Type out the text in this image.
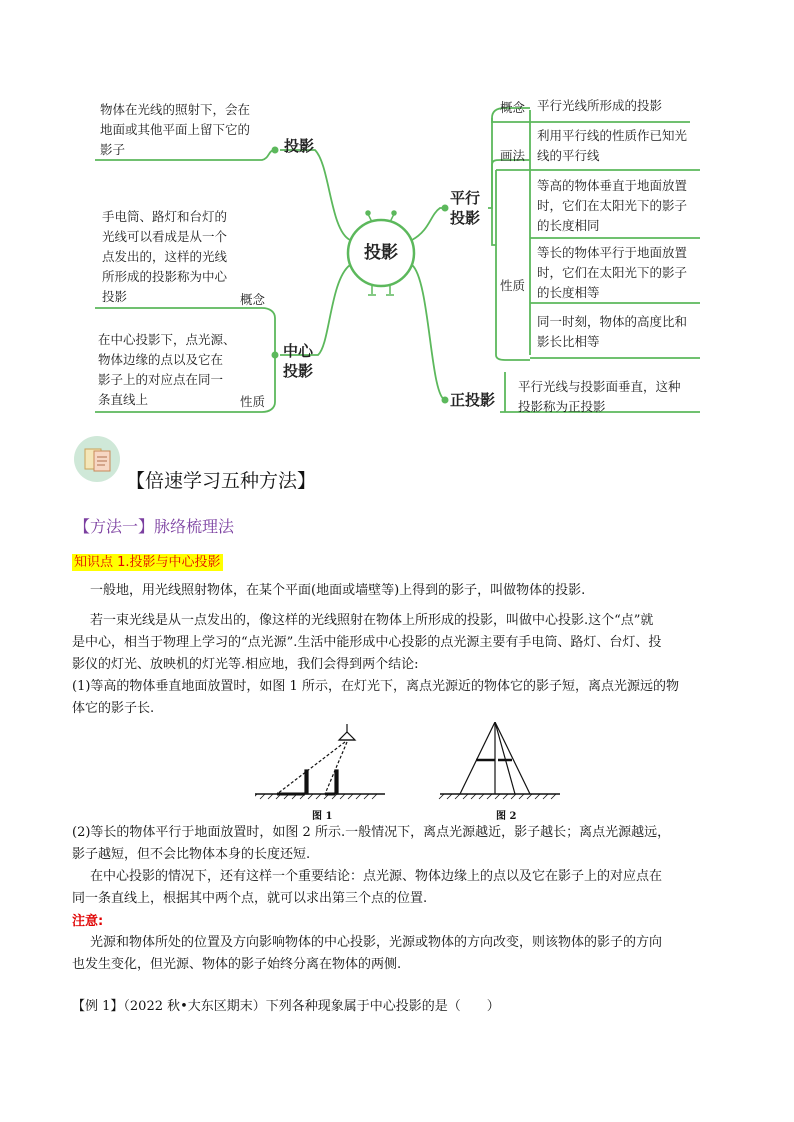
投影
物体在光线的照射下，会在
地面或其他平面上留下它的
影子	投影
手电筒、路灯和台灯的
光线可以看成是从一个
点发出的，这样的光线
所形成的投影称为中心
投影	概念
在中心投影下，点光源、
物体边缘的点以及它在
影子上的对应点在同一
条直线上	性质
中心
投影
平行
投影
概念 平行光线所形成的投影
画法
利用平行线的性质作已知光
线的平行线
性质
等高的物体垂直于地面放置
时，它们在太阳光下的影子
的长度相同
等长的物体平行于地面放置
时，它们在太阳光下的影子
的长度相等
同一时刻，物体的高度比和
影长比相等
正投影
平行光线与投影面垂直，这种
投影称为正投影
【倍速学习五种方法】
【方法一】脉络梳理法
知识点 1.投影与中心投影
一般地，用光线照射物体，在某个平面(地面或墙壁等)上得到的影子，叫做物体的投影.
若一束光线是从一点发出的，像这样的光线照射在物体上所形成的投影，叫做中心投影.这个“点”就
是中心，相当于物理上学习的“点光源”.生活中能形成中心投影的点光源主要有手电筒、路灯、台灯、投
影仪的灯光、放映机的灯光等.相应地，我们会得到两个结论:
(1)等高的物体垂直地面放置时，如图 1 所示，在灯光下，离点光源近的物体它的影子短，离点光源远的物
体它的影子长.
图 1	图 2
(2)等长的物体平行于地面放置时，如图 2 所示.一般情况下，离点光源越近，影子越长；离点光源越远，
影子越短，但不会比物体本身的长度还短.
在中心投影的情况下，还有这样一个重要结论：点光源、物体边缘上的点以及它在影子上的对应点在
同一条直线上，根据其中两个点，就可以求出第三个点的位置.
注意:
光源和物体所处的位置及方向影响物体的中心投影，光源或物体的方向改变，则该物体的影子的方向
也发生变化，但光源、物体的影子始终分离在物体的两侧.
【例 1】（2022 秋•大东区期末）下列各种现象属于中心投影的是（　　）
